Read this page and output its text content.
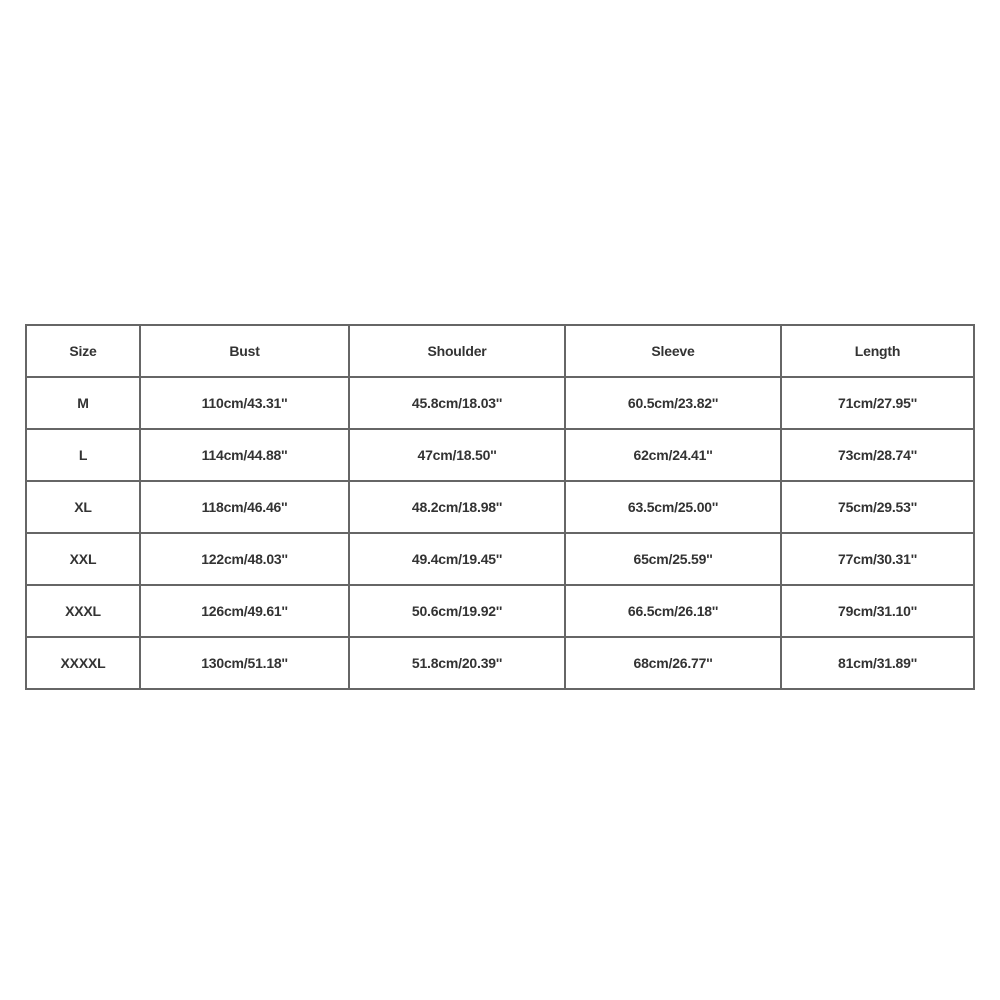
Size	Bust	Shoulder	Sleeve	Length
M	110cm/43.31''	45.8cm/18.03''	60.5cm/23.82''	71cm/27.95''
L	114cm/44.88''	47cm/18.50''	62cm/24.41''	73cm/28.74''
XL	118cm/46.46''	48.2cm/18.98''	63.5cm/25.00''	75cm/29.53''
XXL	122cm/48.03''	49.4cm/19.45''	65cm/25.59''	77cm/30.31''
XXXL	126cm/49.61''	50.6cm/19.92''	66.5cm/26.18''	79cm/31.10''
XXXXL	130cm/51.18''	51.8cm/20.39''	68cm/26.77''	81cm/31.89''
